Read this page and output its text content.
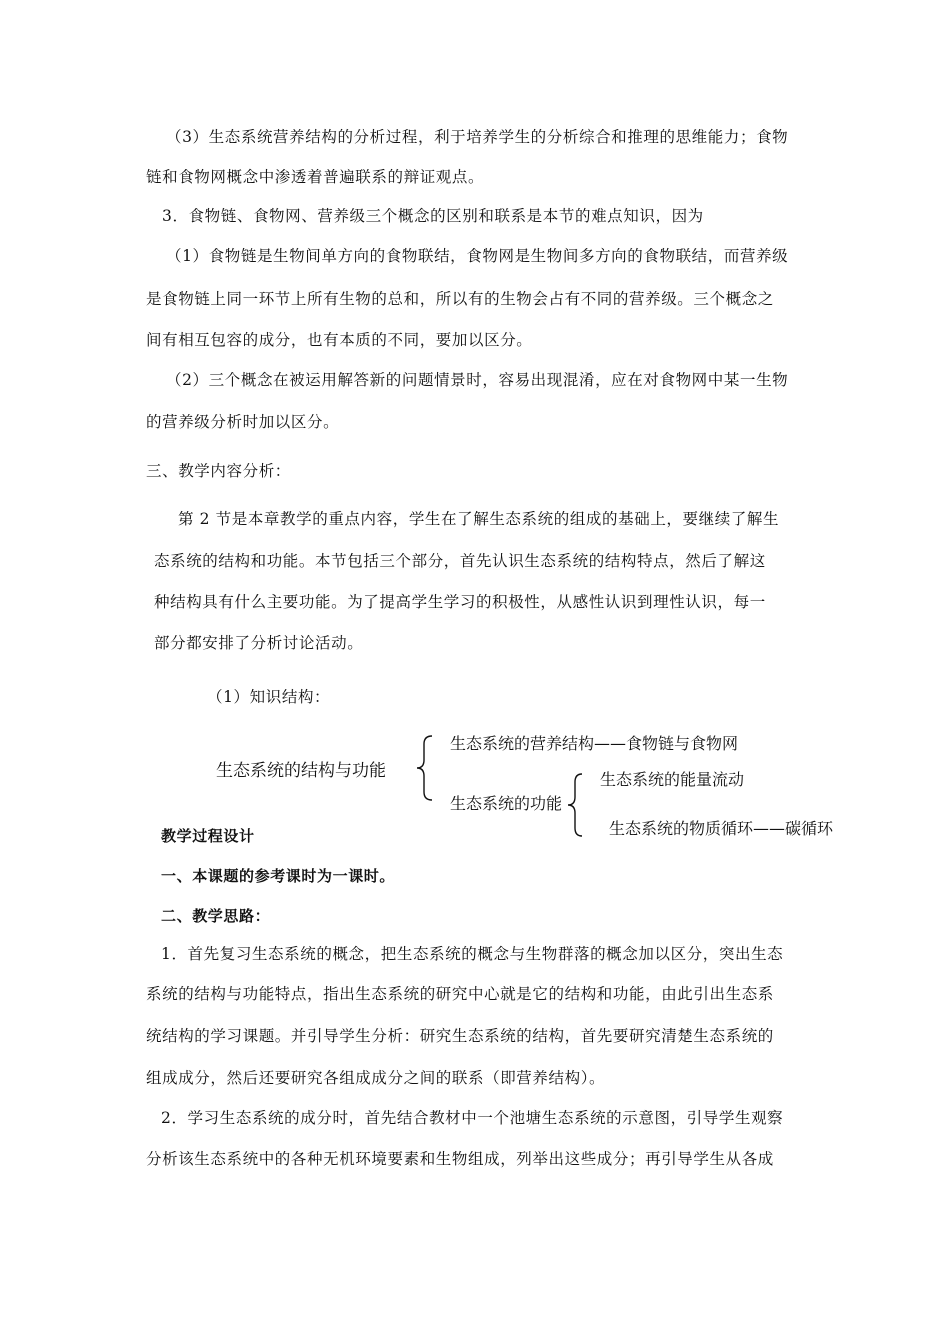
（3）生态系统营养结构的分析过程，利于培养学生的分析综合和推理的思维能力；食物
链和食物网概念中渗透着普遍联系的辩证观点。
3．食物链、食物网、营养级三个概念的区别和联系是本节的难点知识，因为
（1）食物链是生物间单方向的食物联结，食物网是生物间多方向的食物联结，而营养级
是食物链上同一环节上所有生物的总和，所以有的生物会占有不同的营养级。三个概念之
间有相互包容的成分，也有本质的不同，要加以区分。
（2）三个概念在被运用解答新的问题情景时，容易出现混淆，应在对食物网中某一生物
的营养级分析时加以区分。
三、教学内容分析：
第 2 节是本章教学的重点内容，学生在了解生态系统的组成的基础上，要继续了解生
态系统的结构和功能。本节包括三个部分，首先认识生态系统的结构特点，然后了解这
种结构具有什么主要功能。为了提高学生学习的积极性，从感性认识到理性认识，每一
部分都安排了分析讨论活动。
（1）知识结构：
生态系统的结构与功能
生态系统的营养结构——食物链与食物网
生态系统的功能
生态系统的能量流动
生态系统的物质循环——碳循环
教学过程设计
一、本课题的参考课时为一课时。
二、教学思路：
1．首先复习生态系统的概念，把生态系统的概念与生物群落的概念加以区分，突出生态
系统的结构与功能特点，指出生态系统的研究中心就是它的结构和功能，由此引出生态系
统结构的学习课题。并引导学生分析：研究生态系统的结构，首先要研究清楚生态系统的
组成成分，然后还要研究各组成成分之间的联系（即营养结构）。
2．学习生态系统的成分时，首先结合教材中一个池塘生态系统的示意图，引导学生观察
分析该生态系统中的各种无机环境要素和生物组成，列举出这些成分；再引导学生从各成
